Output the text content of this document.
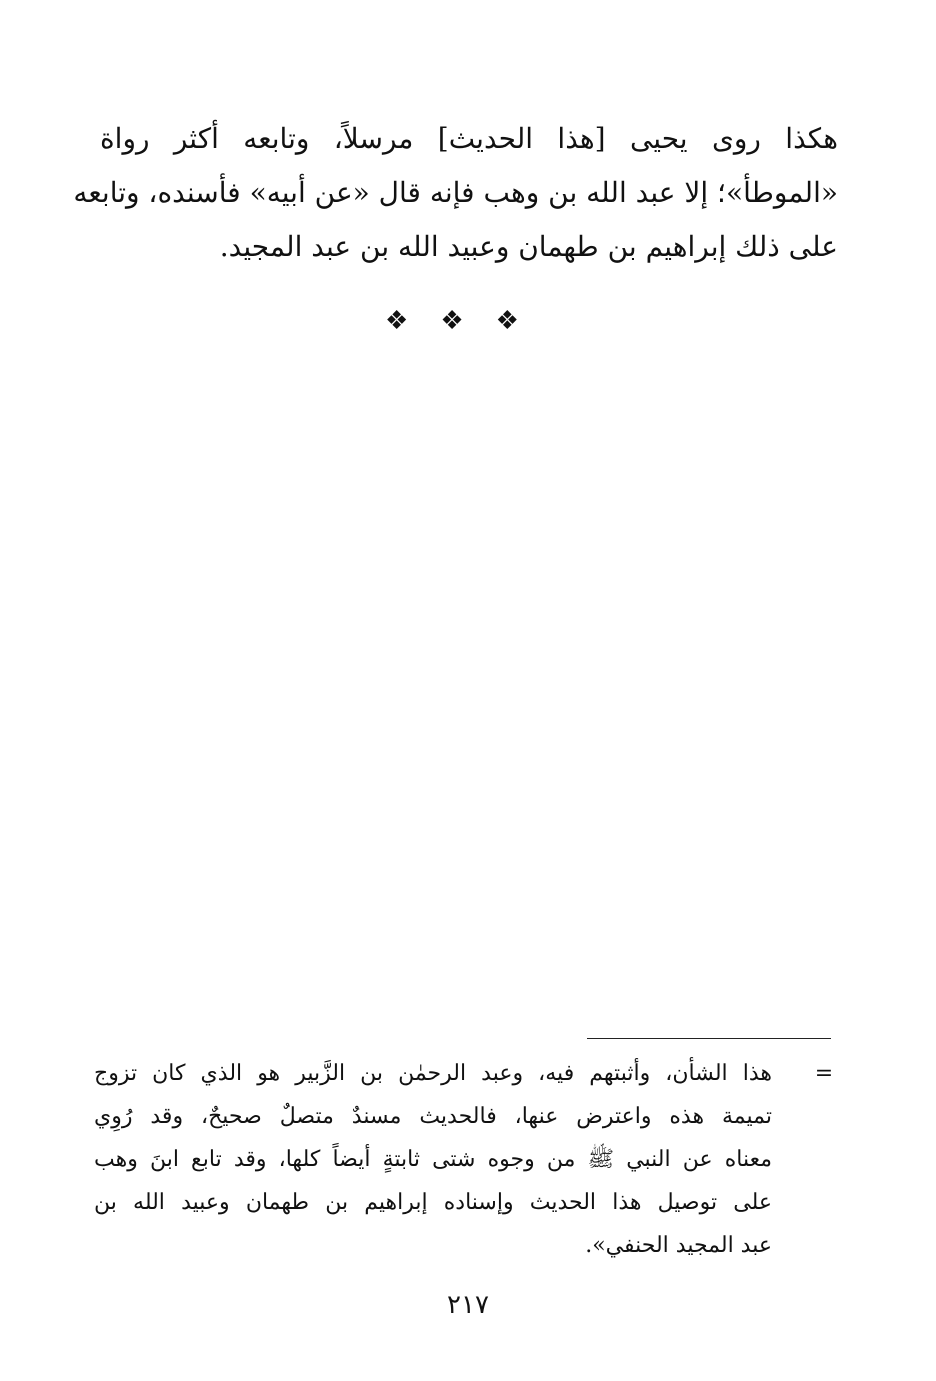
هكذا روى يحيى [هذا الحديث] مرسلاً، وتابعه أكثر رواة
«الموطأ»؛ إلا عبد الله بن وهب فإنه قال «عن أبيه» فأسنده، وتابعه
على ذلك إبراهيم بن طهمان وعبيد الله بن عبد المجيد.
❖❖❖
=
هذا الشأن، وأثبتهم فيه، وعبد الرحمٰن بن الزَّبير هو الذي كان تزوج
تميمة هذه واعترض عنها، فالحديث مسندٌ متصلٌ صحيحٌ، وقد رُوِي
معناه عن النبي ﷺ من وجوه شتى ثابتةٍ أيضاً كلها، وقد تابع ابنَ وهب
على توصيل هذا الحديث وإسناده إبراهيم بن طهمان وعبيد الله بن
عبد المجيد الحنفي».
٢١٧
